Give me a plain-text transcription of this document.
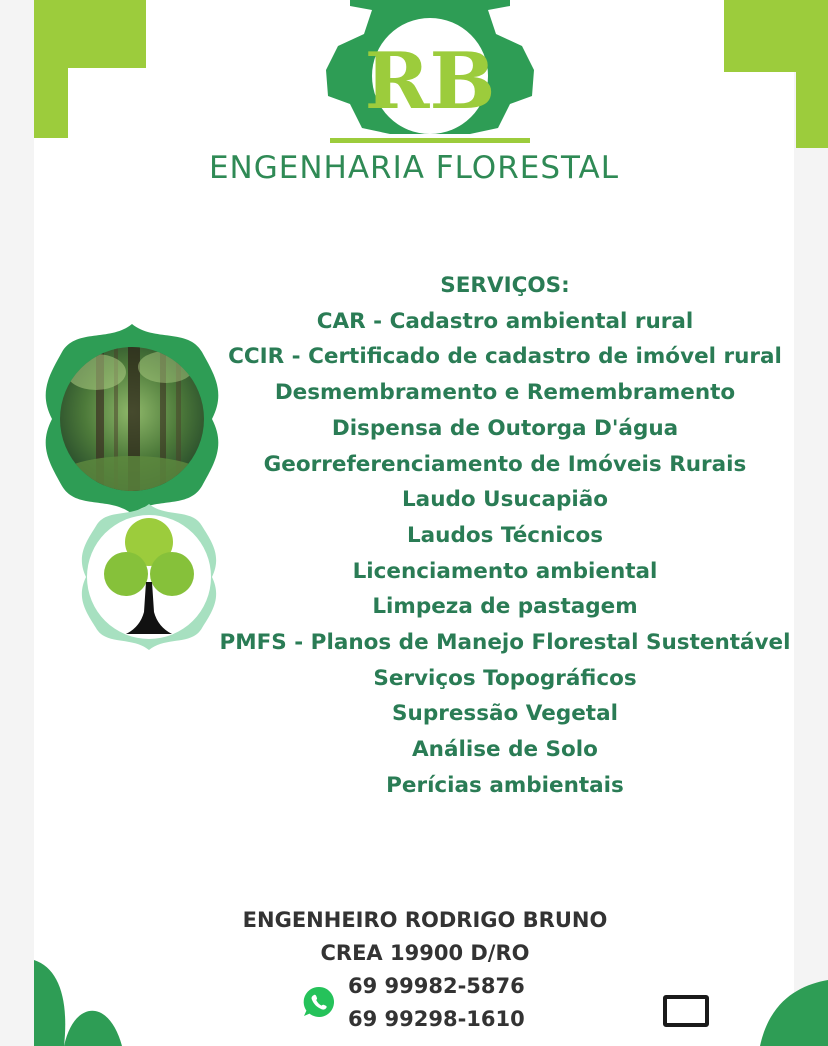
RB
ENGENHARIA FLORESTAL
SERVIÇOS:
CAR - Cadastro ambiental rural
CCIR - Certificado de cadastro de imóvel rural
Desmembramento e Remembramento
Dispensa de Outorga D'água
Georreferenciamento de Imóveis Rurais
Laudo Usucapião
Laudos Técnicos
Licenciamento ambiental
Limpeza de pastagem
PMFS - Planos de Manejo Florestal Sustentável
Serviços Topográficos
Supressão Vegetal
Análise de Solo
Perícias ambientais
ENGENHEIRO RODRIGO BRUNO
CREA 19900 D/RO
69 99982-5876
69 99298-1610
